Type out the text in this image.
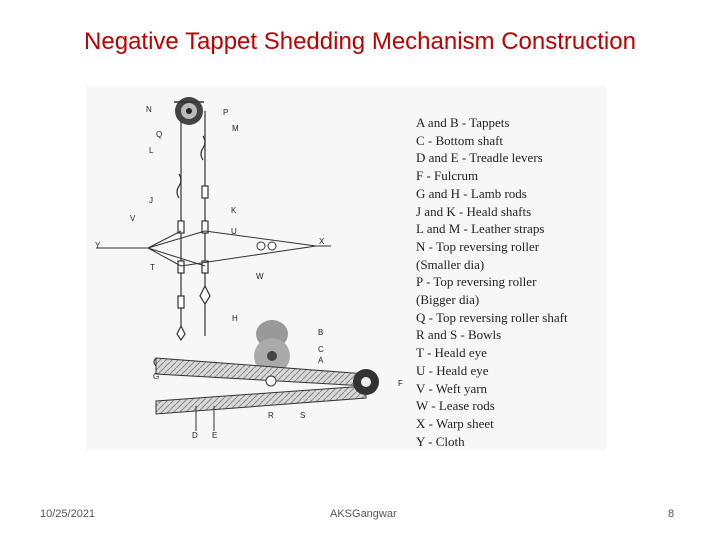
Negative Tappet Shedding Mechanism Construction
N	P
Q
M
L
J
K
V
U
Y	X
T
W
H
B
C
A
G
F
R	S
D E
A and B - Tappets
C - Bottom shaft
D and E - Treadle levers
F - Fulcrum
G and H - Lamb rods
J and K - Heald shafts
L and M - Leather straps
N - Top reversing roller
(Smaller dia)
P - Top reversing roller
(Bigger dia)
Q - Top reversing roller shaft
R and S - Bowls
T - Heald eye
U - Heald eye
V - Weft yarn
W - Lease rods
X - Warp sheet
Y - Cloth
10/25/2021	AKSGangwar	8
